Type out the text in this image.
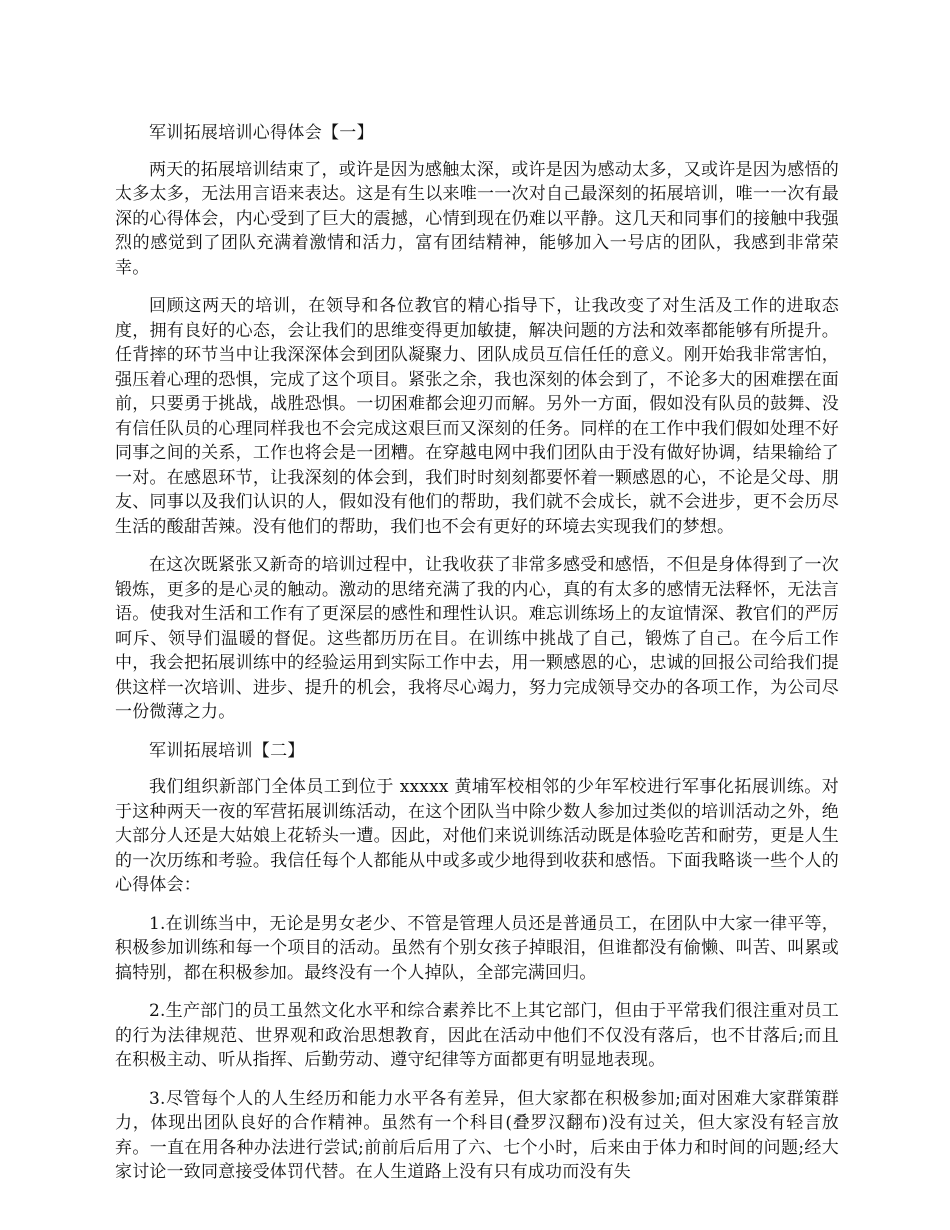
军训拓展培训心得体会【一】

两天的拓展培训结束了，或许是因为感触太深，或许是因为感动太多，又或许是因为感悟的太多太多，无法用言语来表达。这是有生以来唯一一次对自己最深刻的拓展培训，唯一一次有最深的心得体会，内心受到了巨大的震撼，心情到现在仍难以平静。这几天和同事们的接触中我强烈的感觉到了团队充满着激情和活力，富有团结精神，能够加入一号店的团队，我感到非常荣幸。

回顾这两天的培训，在领导和各位教官的精心指导下，让我改变了对生活及工作的进取态度，拥有良好的心态，会让我们的思维变得更加敏捷，解决问题的方法和效率都能够有所提升。任背摔的环节当中让我深深体会到团队凝聚力、团队成员互信任任的意义。刚开始我非常害怕，强压着心理的恐惧，完成了这个项目。紧张之余，我也深刻的体会到了，不论多大的困难摆在面前，只要勇于挑战，战胜恐惧。一切困难都会迎刃而解。另外一方面，假如没有队员的鼓舞、没有信任队员的心理同样我也不会完成这艰巨而又深刻的任务。同样的在工作中我们假如处理不好同事之间的关系，工作也将会是一团糟。在穿越电网中我们团队由于没有做好协调，结果输给了一对。在感恩环节，让我深刻的体会到，我们时时刻刻都要怀着一颗感恩的心，不论是父母、朋友、同事以及我们认识的人，假如没有他们的帮助，我们就不会成长，就不会进步，更不会历尽生活的酸甜苦辣。没有他们的帮助，我们也不会有更好的环境去实现我们的梦想。

在这次既紧张又新奇的培训过程中，让我收获了非常多感受和感悟，不但是身体得到了一次锻炼，更多的是心灵的触动。激动的思绪充满了我的内心，真的有太多的感情无法释怀，无法言语。使我对生活和工作有了更深层的感性和理性认识。难忘训练场上的友谊情深、教官们的严厉呵斥、领导们温暖的督促。这些都历历在目。在训练中挑战了自己，锻炼了自己。在今后工作中，我会把拓展训练中的经验运用到实际工作中去，用一颗感恩的心，忠诚的回报公司给我们提供这样一次培训、进步、提升的机会，我将尽心竭力，努力完成领导交办的各项工作，为公司尽一份微薄之力。

军训拓展培训【二】

我们组织新部门全体员工到位于 xxxxx 黄埔军校相邻的少年军校进行军事化拓展训练。对于这种两天一夜的军营拓展训练活动，在这个团队当中除少数人参加过类似的培训活动之外，绝大部分人还是大姑娘上花轿头一遭。因此，对他们来说训练活动既是体验吃苦和耐劳，更是人生的一次历练和考验。我信任每个人都能从中或多或少地得到收获和感悟。下面我略谈一些个人的心得体会：

1.在训练当中，无论是男女老少、不管是管理人员还是普通员工，在团队中大家一律平等，积极参加训练和每一个项目的活动。虽然有个别女孩子掉眼泪，但谁都没有偷懒、叫苦、叫累或搞特别，都在积极参加。最终没有一个人掉队，全部完满回归。

2.生产部门的员工虽然文化水平和综合素养比不上其它部门，但由于平常我们很注重对员工的行为法律规范、世界观和政治思想教育，因此在活动中他们不仅没有落后，也不甘落后;而且在积极主动、听从指挥、后勤劳动、遵守纪律等方面都更有明显地表现。

3.尽管每个人的人生经历和能力水平各有差异，但大家都在积极参加;面对困难大家群策群力，体现出团队良好的合作精神。虽然有一个科目(叠罗汉翻布)没有过关，但大家没有轻言放弃。一直在用各种办法进行尝试;前前后后用了六、七个小时，后来由于体力和时间的问题;经大家讨论一致同意接受体罚代替。在人生道路上没有只有成功而没有失
